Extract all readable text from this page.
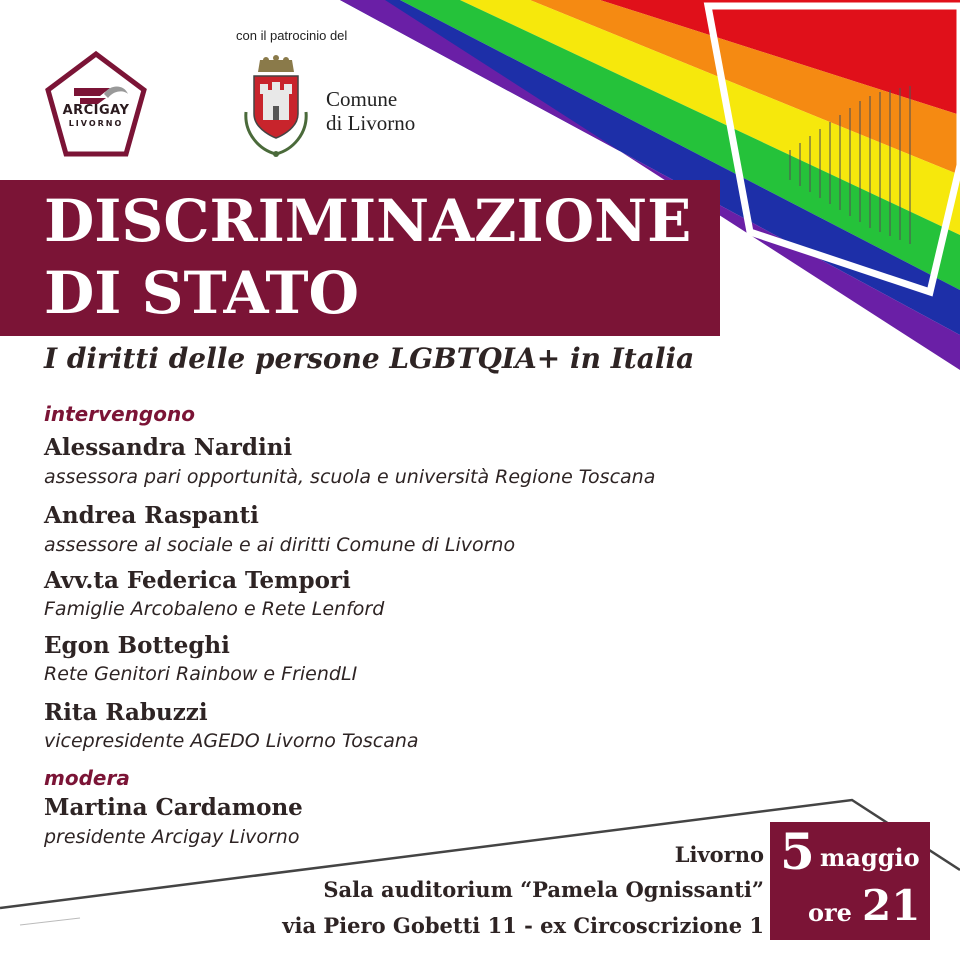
ARCIGAY
LIVORNO
con il patrocinio del
Comune
di Livorno
DISCRIMINAZIONE
DI STATO
I diritti delle persone LGBTQIA+ in Italia
intervengono
Alessandra Nardini
assessora pari opportunità, scuola e università Regione Toscana
Andrea Raspanti
assessore al sociale e ai diritti Comune di Livorno
Avv.ta Federica Tempori
Famiglie Arcobaleno e Rete Lenford
Egon Botteghi
Rete Genitori Rainbow e FriendLI
Rita Rabuzzi
vicepresidente AGEDO Livorno Toscana
modera
Martina Cardamone
presidente Arcigay Livorno
Livorno
Sala auditorium “Pamela Ognissanti”
via Piero Gobetti 11 - ex Circoscrizione 1
5 maggio
ore 21
